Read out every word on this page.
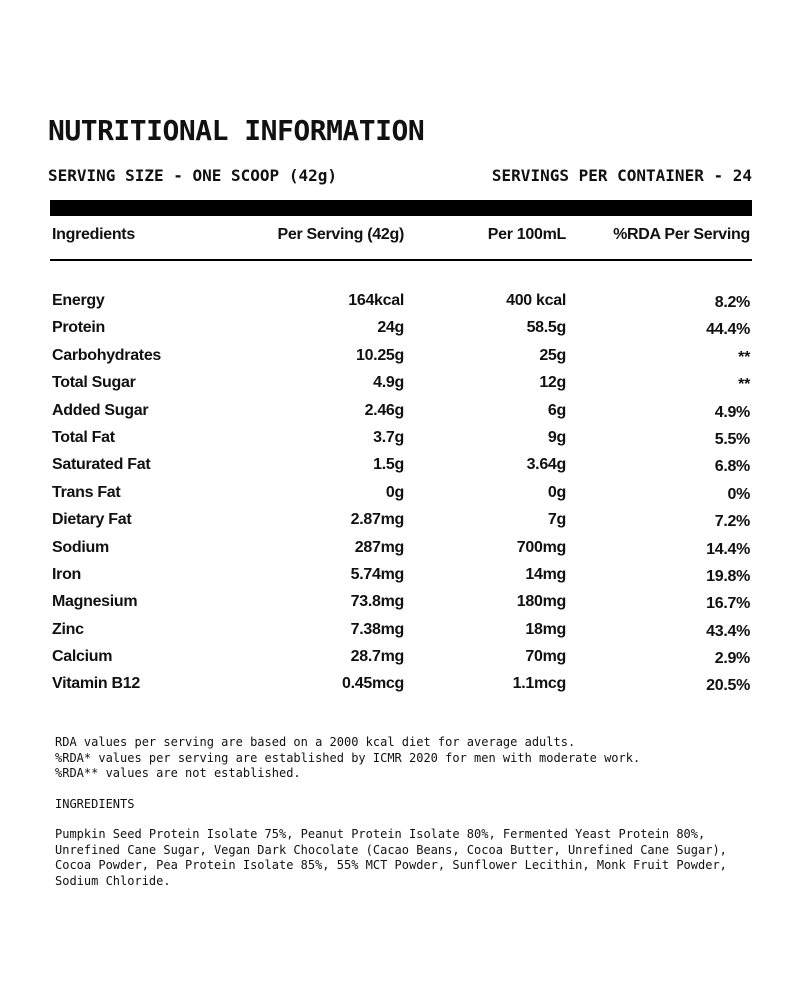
NUTRITIONAL INFORMATION
SERVING SIZE - ONE SCOOP (42g)	SERVINGS PER CONTAINER - 24
Ingredients	Per Serving (42g)	Per 100mL	%RDA Per Serving
Energy	164kcal	400 kcal	8.2%
Protein	24g	58.5g	44.4%
Carbohydrates	10.25g	25g	**
Total Sugar	4.9g	12g	**
Added Sugar	2.46g	6g	4.9%
Total Fat	3.7g	9g	5.5%
Saturated Fat	1.5g	3.64g	6.8%
Trans Fat	0g	0g	0%
Dietary Fat	2.87mg	7g	7.2%
Sodium	287mg	700mg	14.4%
Iron	5.74mg	14mg	19.8%
Magnesium	73.8mg	180mg	16.7%
Zinc	7.38mg	18mg	43.4%
Calcium	28.7mg	70mg	2.9%
Vitamin B12	0.45mcg	1.1mcg	20.5%
RDA values per serving are based on a 2000 kcal diet for average adults.
%RDA* values per serving are established by ICMR 2020 for men with moderate work.
%RDA** values are not established.
INGREDIENTS
Pumpkin Seed Protein Isolate 75%, Peanut Protein Isolate 80%, Fermented Yeast Protein 80%,
Unrefined Cane Sugar, Vegan Dark Chocolate (Cacao Beans, Cocoa Butter, Unrefined Cane Sugar),
Cocoa Powder, Pea Protein Isolate 85%, 55% MCT Powder, Sunflower Lecithin, Monk Fruit Powder,
Sodium Chloride.
